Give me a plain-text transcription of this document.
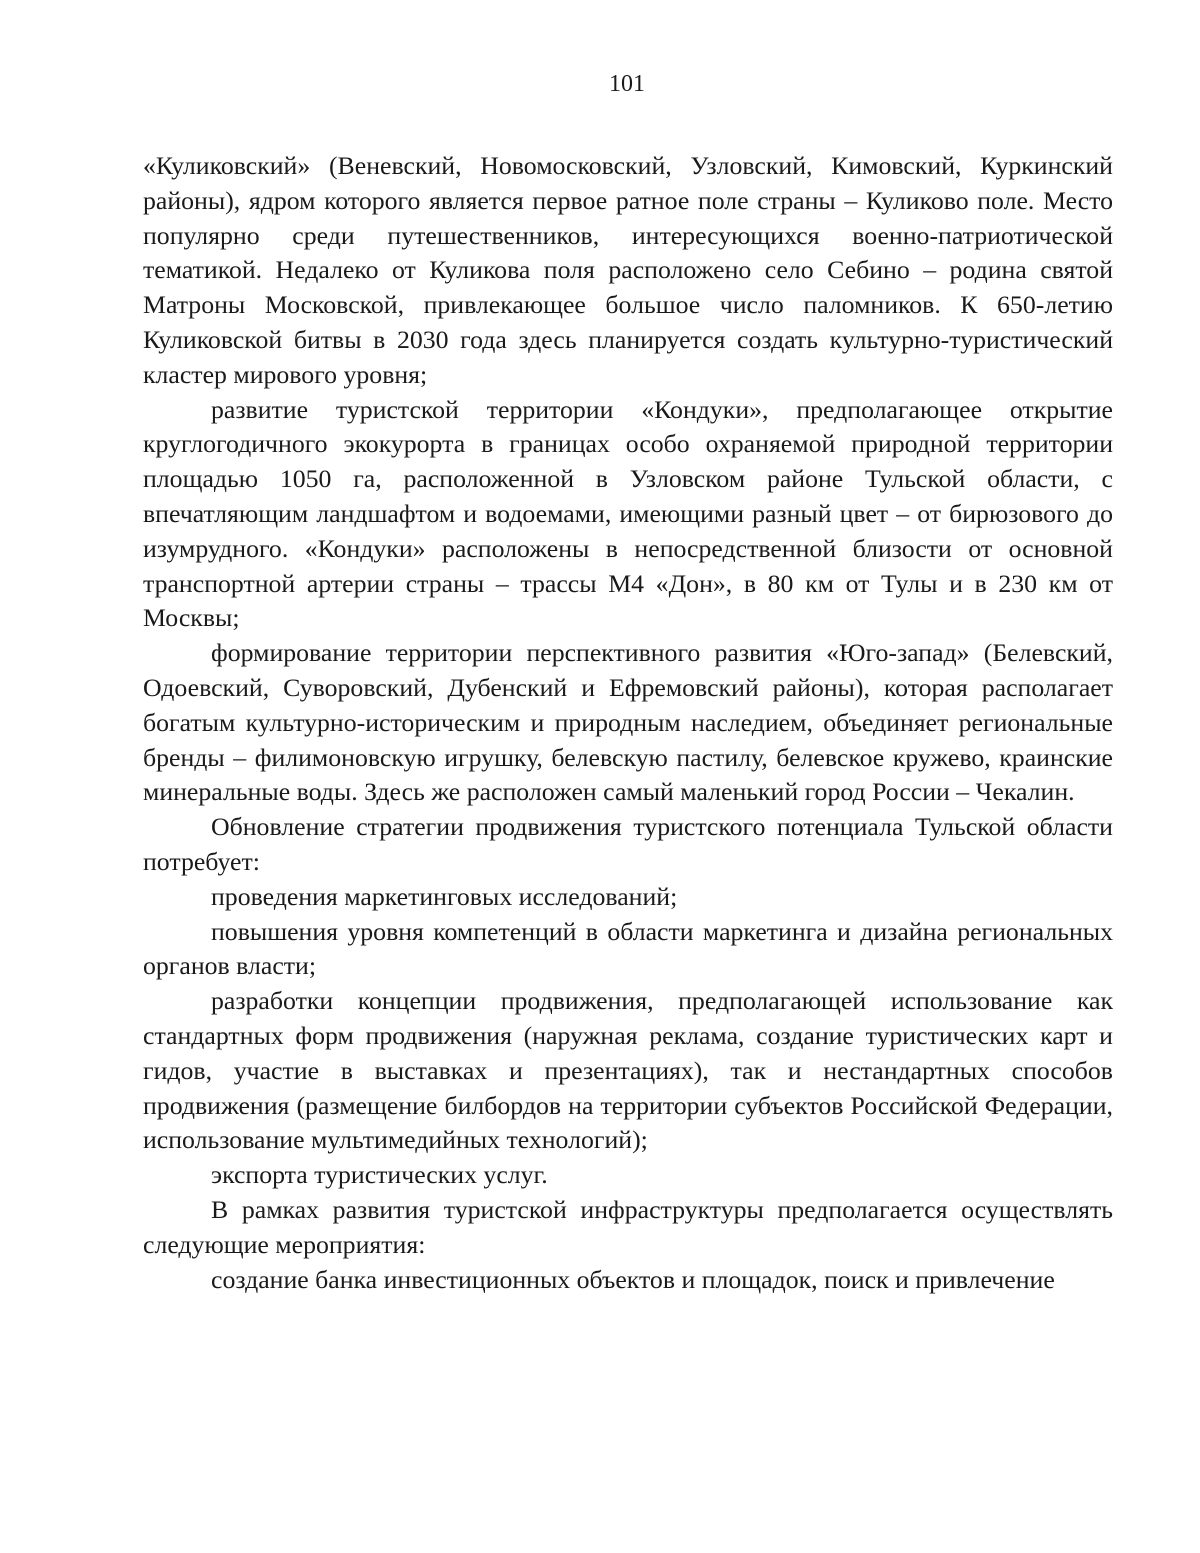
101

«Куликовский» (Веневский, Новомосковский, Узловский, Кимовский, Куркинский районы), ядром которого является первое ратное поле страны – Куликово поле. Место популярно среди путешественников, интересующихся военно-патриотической тематикой. Недалеко от Куликова поля расположено село Себино – родина святой Матроны Московской, привлекающее большое число паломников. К 650-летию Куликовской битвы в 2030 года здесь планируется создать культурно-туристический кластер мирового уровня;

развитие туристской территории «Кондуки», предполагающее открытие круглогодичного экокурорта в границах особо охраняемой природной территории площадью 1050 га, расположенной в Узловском районе Тульской области, с впечатляющим ландшафтом и водоемами, имеющими разный цвет – от бирюзового до изумрудного. «Кондуки» расположены в непосредственной близости от основной транспортной артерии страны – трассы М4 «Дон», в 80 км от Тулы и в 230 км от Москвы;

формирование территории перспективного развития «Юго-запад» (Белевский, Одоевский, Суворовский, Дубенский и Ефремовский районы), которая располагает богатым культурно-историческим и природным наследием, объединяет региональные бренды – филимоновскую игрушку, белевскую пастилу, белевское кружево, краинские минеральные воды. Здесь же расположен самый маленький город России – Чекалин.

Обновление стратегии продвижения туристского потенциала Тульской области потребует:

проведения маркетинговых исследований;

повышения уровня компетенций в области маркетинга и дизайна региональных органов власти;

разработки концепции продвижения, предполагающей использование как стандартных форм продвижения (наружная реклама, создание туристических карт и гидов, участие в выставках и презентациях), так и нестандартных способов продвижения (размещение билбордов на территории субъектов Российской Федерации, использование мультимедийных технологий);

экспорта туристических услуг.

В рамках развития туристской инфраструктуры предполагается осуществлять следующие мероприятия:

создание банка инвестиционных объектов и площадок, поиск и привлечение
